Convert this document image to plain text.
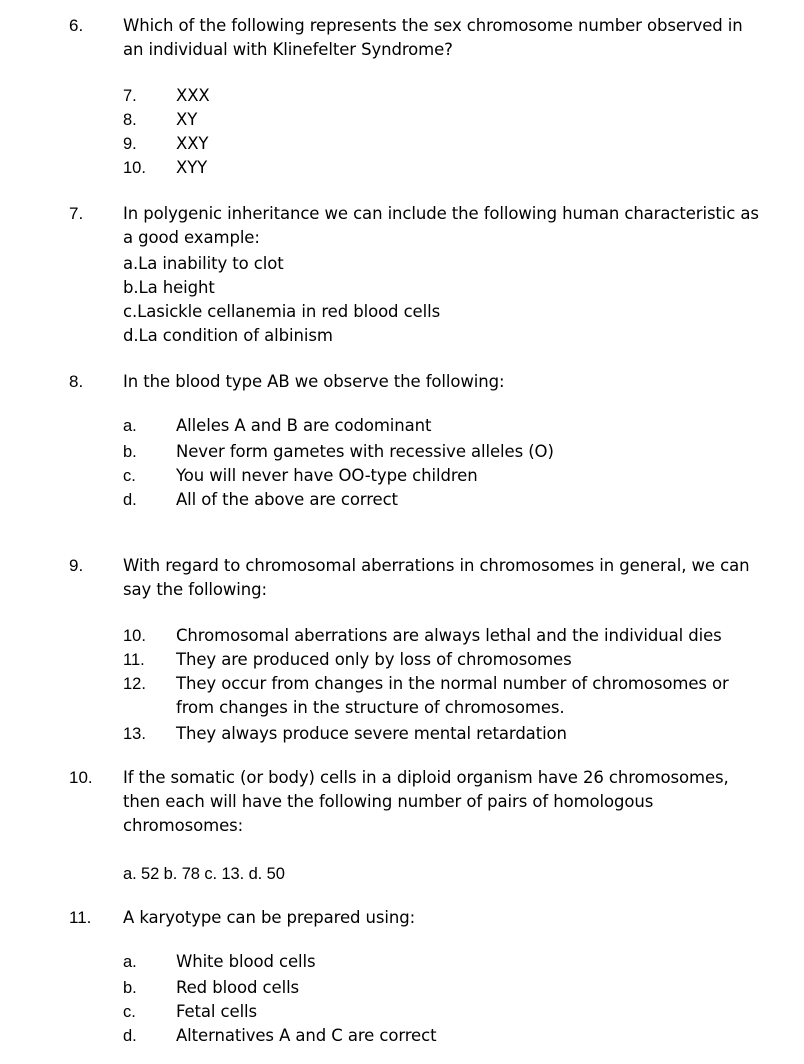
6. Which of the following represents the sex chromosome number observed in an individual with Klinefelter Syndrome?
7. XXX
8. XY
9. XXY
10. XYY
7. In polygenic inheritance we can include the following human characteristic as a good example:
a.La inability to clot
b.La height
c.Lasickle cellanemia in red blood cells
d.La condition of albinism
8. In the blood type AB we observe the following:
a. Alleles A and B are codominant
b. Never form gametes with recessive alleles (O)
c. You will never have OO-type children
d. All of the above are correct
9. With regard to chromosomal aberrations in chromosomes in general, we can say the following:
10. Chromosomal aberrations are always lethal and the individual dies
11. They are produced only by loss of chromosomes
12. They occur from changes in the normal number of chromosomes or from changes in the structure of chromosomes.
13. They always produce severe mental retardation
10. If the somatic (or body) cells in a diploid organism have 26 chromosomes, then each will have the following number of pairs of homologous chromosomes:
a. 52 b. 78 c. 13. d. 50
11. A karyotype can be prepared using:
a. White blood cells
b. Red blood cells
c. Fetal cells
d. Alternatives A and C are correct
